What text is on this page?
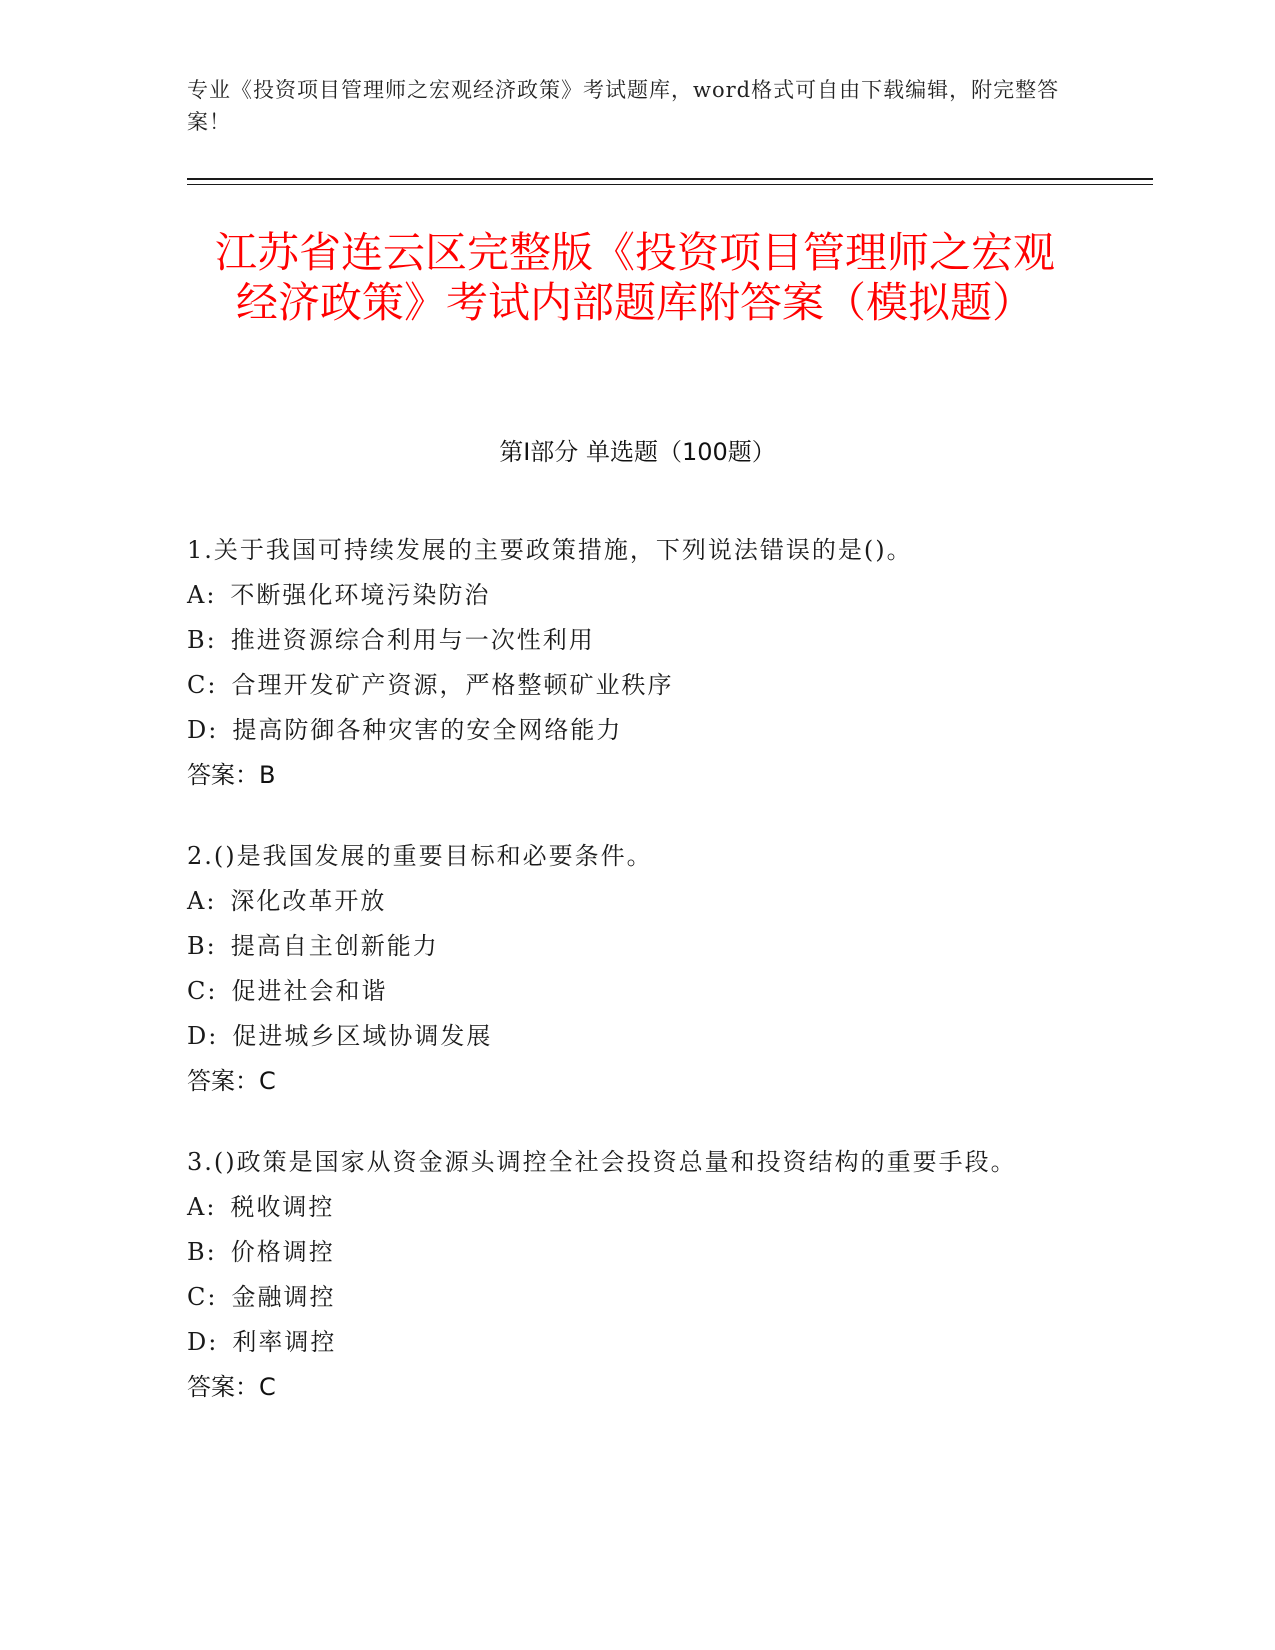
专业《投资项目管理师之宏观经济政策》考试题库，word格式可自由下载编辑，附完整答案！
江苏省连云区完整版《投资项目管理师之宏观经济政策》考试内部题库附答案（模拟题）
第Ⅰ部分 单选题（100题）
1.关于我国可持续发展的主要政策措施，下列说法错误的是()。
A: 不断强化环境污染防治
B: 推进资源综合利用与一次性利用
C: 合理开发矿产资源，严格整顿矿业秩序
D: 提高防御各种灾害的安全网络能力
答案：B
2.()是我国发展的重要目标和必要条件。
A: 深化改革开放
B: 提高自主创新能力
C: 促进社会和谐
D: 促进城乡区域协调发展
答案：C
3.()政策是国家从资金源头调控全社会投资总量和投资结构的重要手段。
A: 税收调控
B: 价格调控
C: 金融调控
D: 利率调控
答案：C
